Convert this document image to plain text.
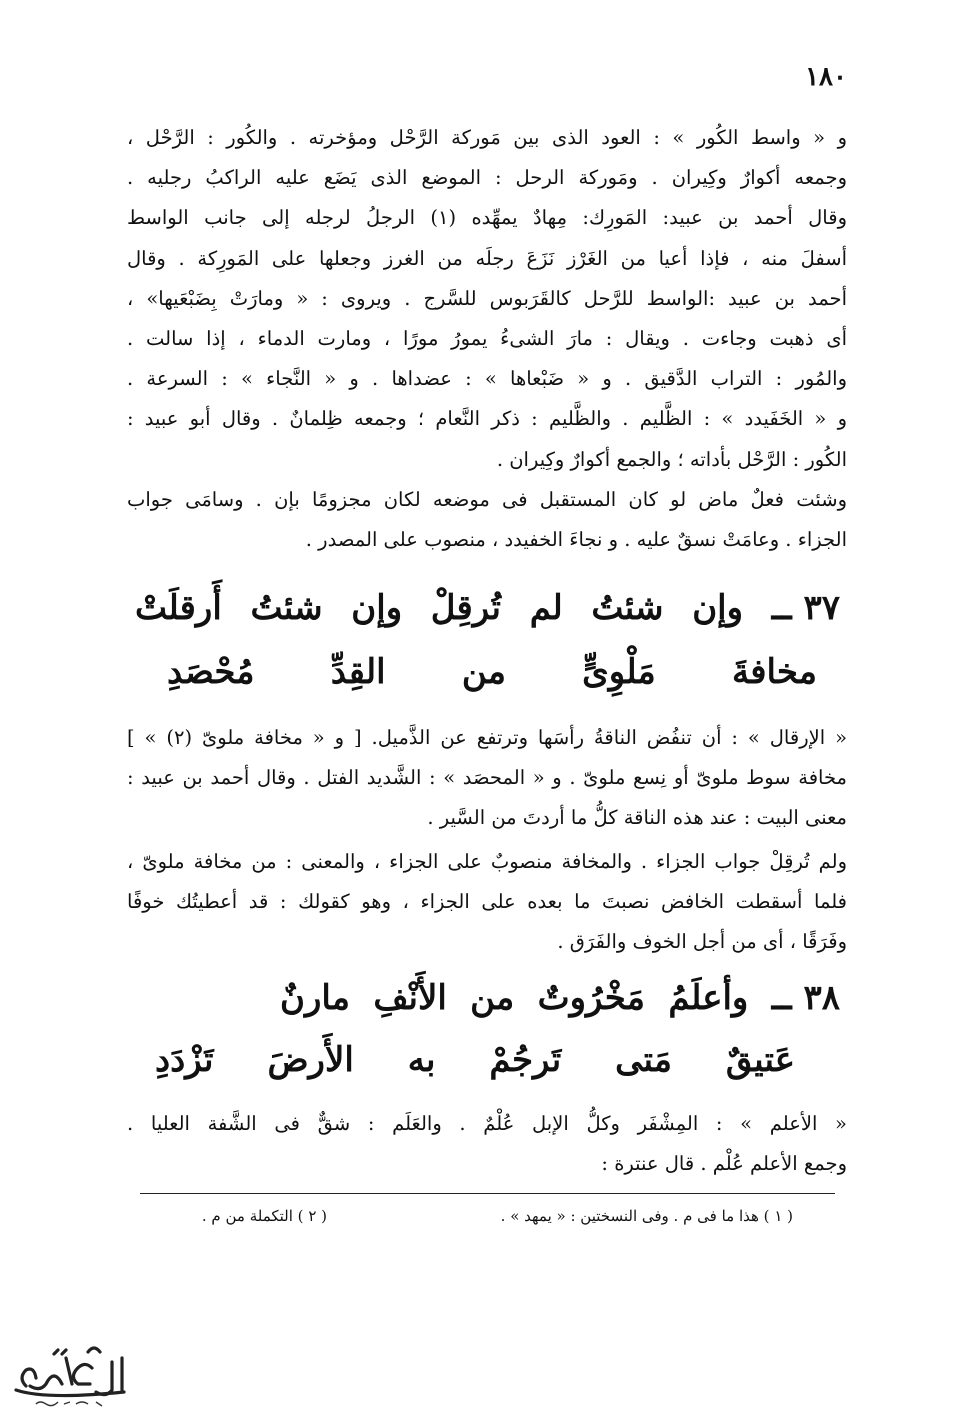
١٨٠
و « واسط الكُور » : العود الذى بين مَوركة الرَّحْل ومؤخرته . والكُور : الرَّحْل ،
وجمعه أكوارٌ وكِيران . ومَوركة الرحل : الموضع الذى يَضَع عليه الراكبُ رجليه .
وقال أحمد بن عبيد: المَورِك: مِهادٌ يمهِّده (١) الرجلُ لرجله إلى جانب الواسط
أسفلَ منه ، فإذا أعيا من الغَرْز نَزَعَ رجلَه من الغرز وجعلها على المَورِكة . وقال
أحمد بن عبيد :الواسط للرَّحل كالقَرَبوس للسَّرج . ويروى : « ومارَتْ بِضَبْعَيها» ،
أى ذهبت وجاءت . ويقال : مارَ الشىءُ يمورُ مورًا ، ومارت الدماء ، إذا سالت .
والمُور : التراب الدَّقيق . و « ضَبْعاها » : عضداها . و « النَّجاء » : السرعة .
و « الخَفَيدد » : الظَّليم . والظَّليم : ذكر النَّعام ؛ وجمعه ظِلمانٌ . وقال أبو عبيد :
الكُور : الرَّحْل بأداته ؛ والجمع أكوارٌ وكِيران .
وشئت فعلٌ ماض لو كان المستقبل فى موضعه لكان مجزومًا بإن . وسامَى جواب
الجزاء . وعامَتْ نسقٌ عليه . و نجاءَ الخفيدد ، منصوب على المصدر .
٣٧ ــ
وإن
شئتُ
لم
تُرقِلْ
وإن
شئتُ
أَرقلَتْ
مخافةَ
مَلْوِىٍّ
من
القِدِّ
مُحْصَدِ
« الإرقال » : أن تنفُض الناقةُ رأسَها وترتفع عن الذَّميل. [ و « مخافة ملوىّ (٢) » ]
مخافة سوط ملوىّ أو نِسع ملوىّ . و « المحصَد » : الشَّديد الفتل . وقال أحمد بن عبيد :
معنى البيت : عند هذه الناقة كلُّ ما أردتَ من السَّير .
ولم تُرقِلْ جواب الجزاء . والمخافة منصوبٌ على الجزاء ، والمعنى : من مخافة ملوىّ ،
فلما أسقطت الخافض نصبتَ ما بعده على الجزاء ، وهو كقولك : قد أعطيتُك خوفًا
وفَرَقًا ، أى من أجل الخوف والفَرَق .
٣٨ ــ
وأعلَمُ
مَخْرُوتٌ
من
الأَنْفِ
مارنٌ
عَتيقٌ
مَتى
تَرجُمْ
به
الأَرضَ
تَزْدَدِ
« الأعلم » : المِشْفَر وكلُّ الإبل عُلْمٌ . والعَلَم : شقٌّ فى الشَّفة العليا .
وجمع الأعلم عُلْم . قال عنترة :
( ١ ) هذا ما فى م . وفى النسختين : « يمهد » .
( ٢ ) التكملة من م .
